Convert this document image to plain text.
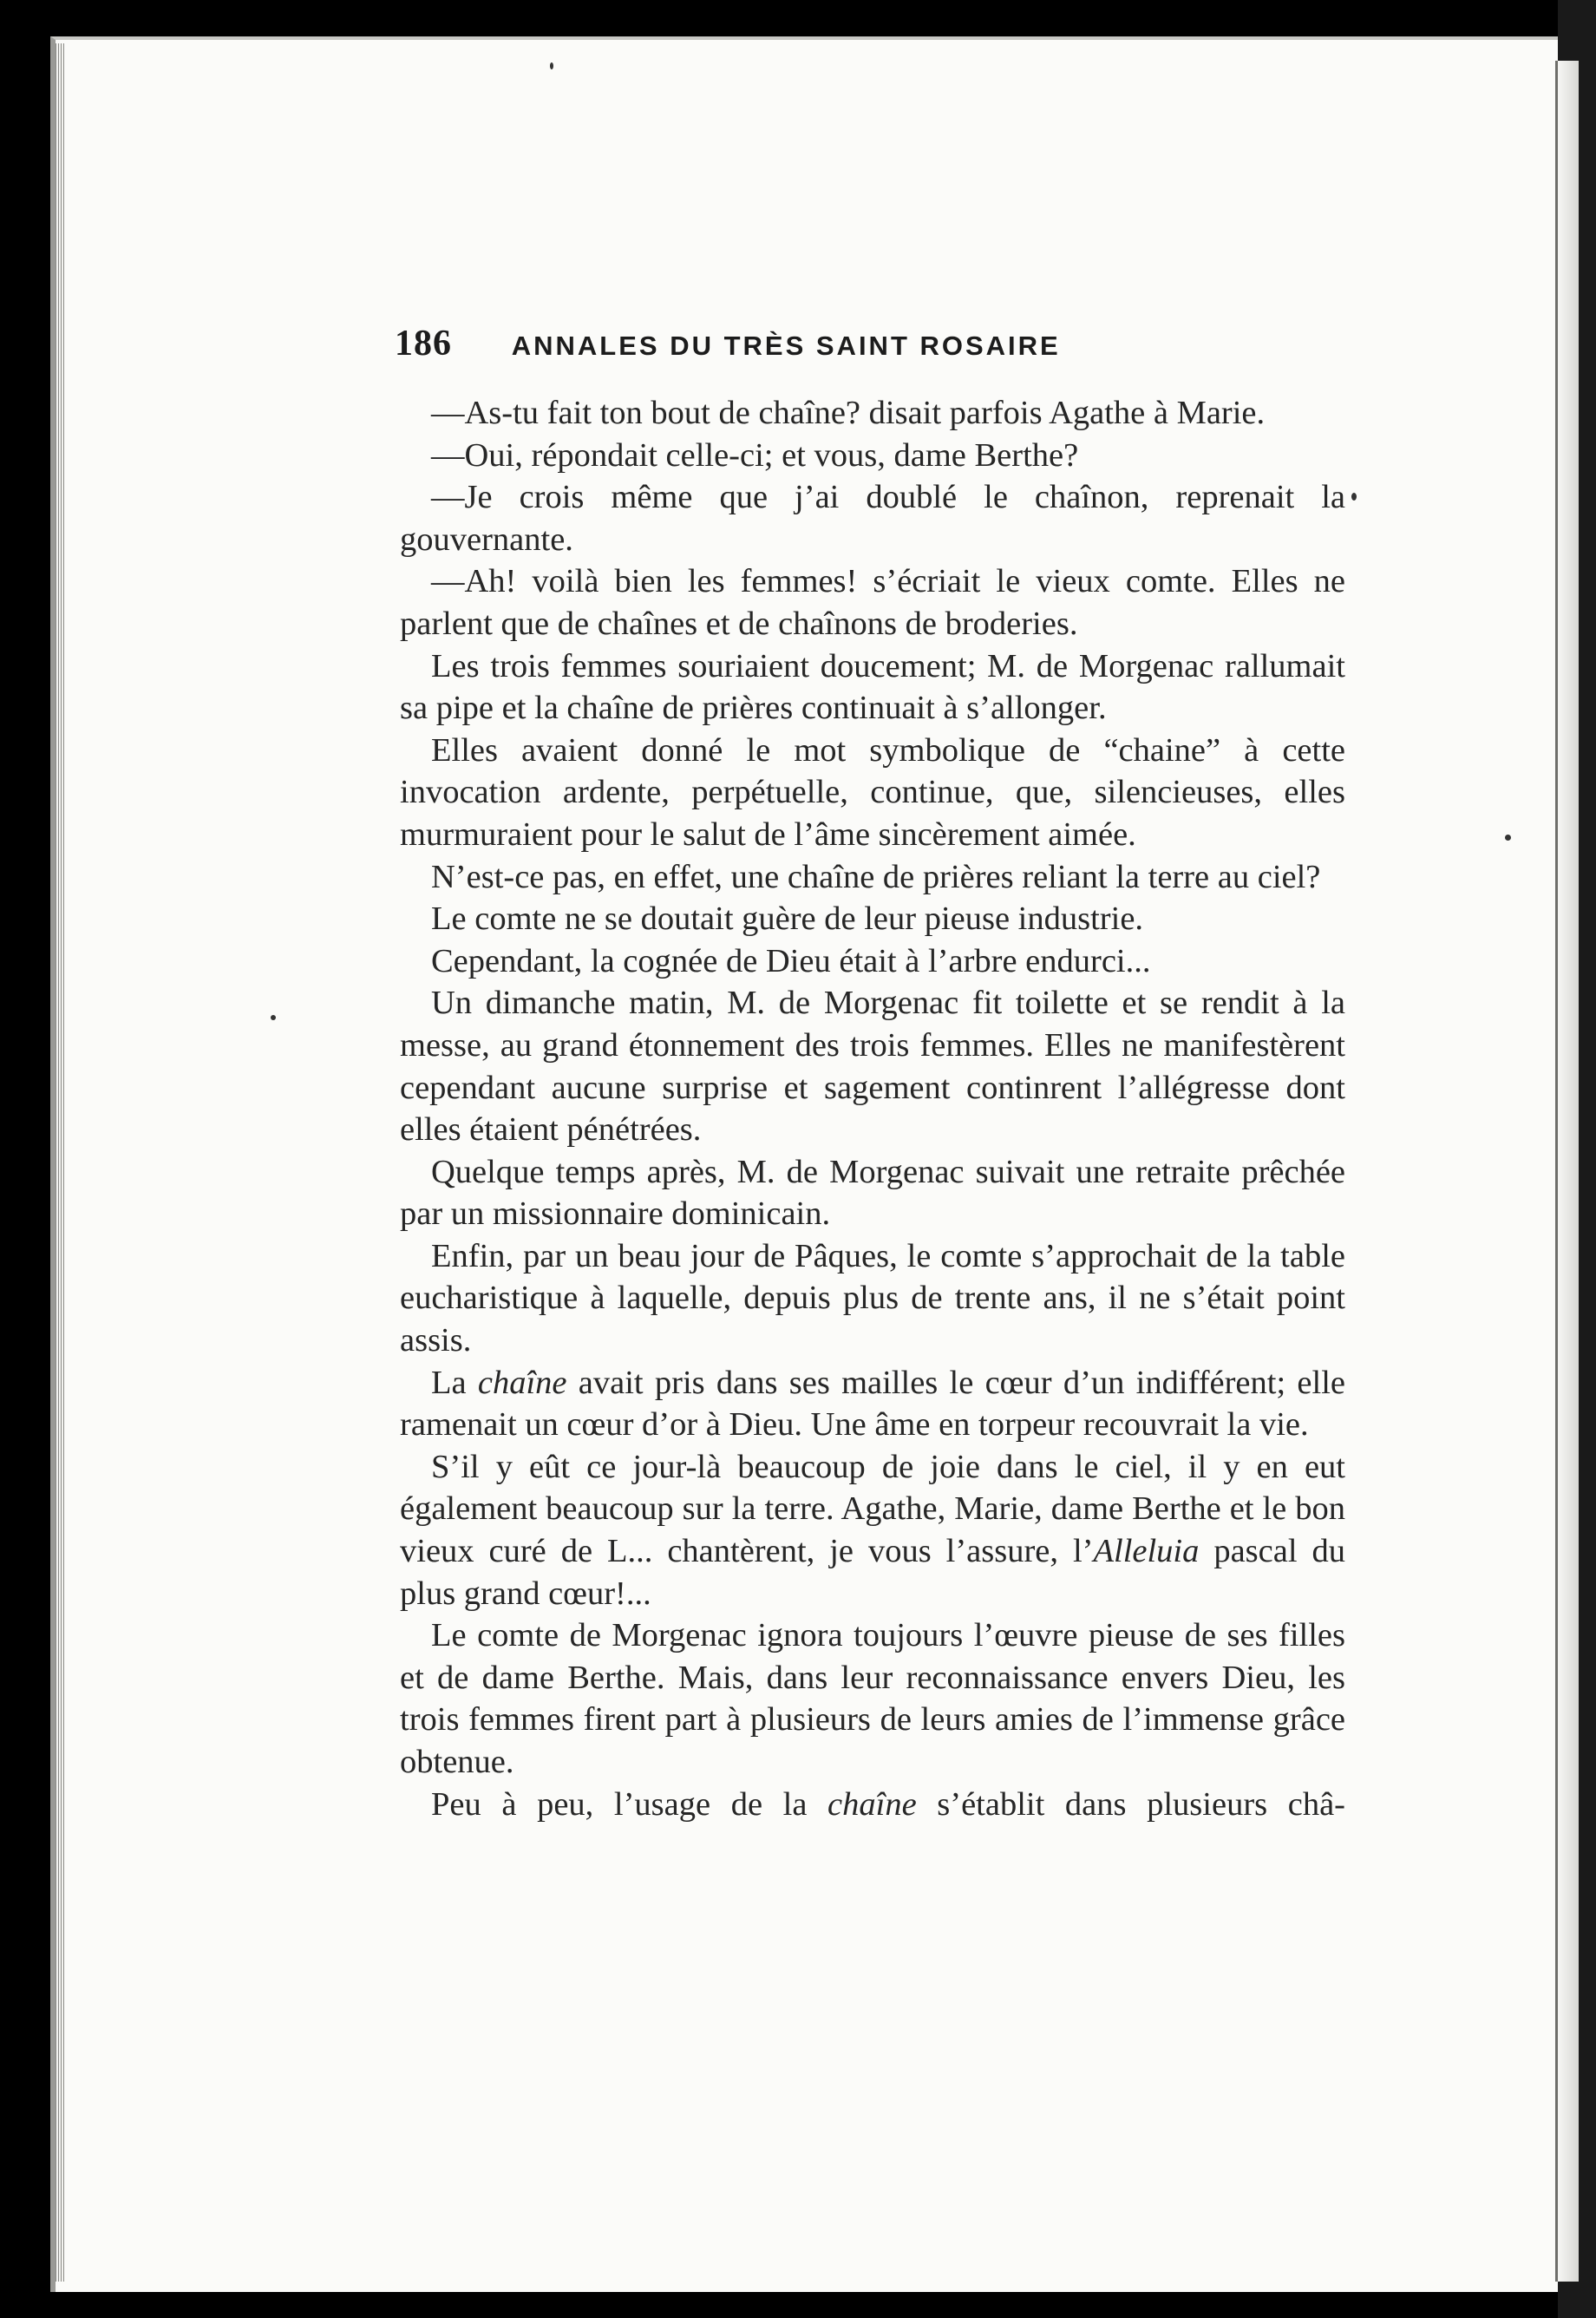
186 ANNALES DU TRÈS SAINT ROSAIRE

—As-tu fait ton bout de chaîne? disait parfois Agathe à Marie.

—Oui, répondait celle-ci; et vous, dame Berthe?

—Je crois même que j’ai doublé le chaînon, reprenait la gouvernante.

—Ah! voilà bien les femmes! s’écriait le vieux comte. Elles ne parlent que de chaînes et de chaînons de broderies.

Les trois femmes souriaient doucement; M. de Morgenac rallumait sa pipe et la chaîne de prières continuait à s’allonger.

Elles avaient donné le mot symbolique de “chaine” à cette invocation ardente, perpétuelle, continue, que, silencieuses, elles murmuraient pour le salut de l’âme sincèrement aimée.

N’est-ce pas, en effet, une chaîne de prières reliant la terre au ciel?

Le comte ne se doutait guère de leur pieuse industrie.

Cependant, la cognée de Dieu était à l’arbre endurci...

Un dimanche matin, M. de Morgenac fit toilette et se rendit à la messe, au grand étonnement des trois femmes. Elles ne manifestèrent cependant aucune surprise et sagement continrent l’allégresse dont elles étaient pénétrées.

Quelque temps après, M. de Morgenac suivait une retraite prêchée par un missionnaire dominicain.

Enfin, par un beau jour de Pâques, le comte s’approchait de la table eucharistique à laquelle, depuis plus de trente ans, il ne s’était point assis.

La chaîne avait pris dans ses mailles le cœur d’un indifférent; elle ramenait un cœur d’or à Dieu. Une âme en torpeur recouvrait la vie.

S’il y eût ce jour-là beaucoup de joie dans le ciel, il y en eut également beaucoup sur la terre. Agathe, Marie, dame Berthe et le bon vieux curé de L... chantèrent, je vous l’assure, l’Alleluia pascal du plus grand cœur!...

Le comte de Morgenac ignora toujours l’œuvre pieuse de ses filles et de dame Berthe. Mais, dans leur reconnaissance envers Dieu, les trois femmes firent part à plusieurs de leurs amies de l’immense grâce obtenue.

Peu à peu, l’usage de la chaîne s’établit dans plusieurs châ-
